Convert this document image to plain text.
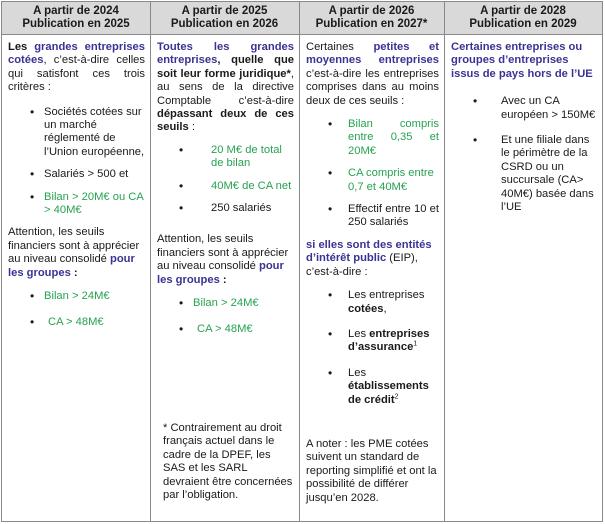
A partir de 2024
Publication en 2025
A partir de 2025
Publication en 2026
A partir de 2026
Publication en 2027*
A partir de 2028
Publication en 2029

Les grandes entreprises cotées, c’est-à-dire celles qui satisfont ces trois critères :

• Sociétés cotées sur un marché réglementé de l’Union européenne,
• Salariés > 500 et
• Bilan > 20M€ ou CA > 40M€

Attention, les seuils financiers sont à apprécier au niveau consolidé pour les groupes :

• Bilan > 24M€
• CA > 48M€

Toutes les grandes entreprises, quelle que soit leur forme juridique*, au sens de la directive Comptable c’est-à-dire dépassant deux de ces seuils :

• 20 M€ de total de bilan
• 40M€ de CA net
• 250 salariés

Attention, les seuils financiers sont à apprécier au niveau consolidé pour les groupes :

• Bilan > 24M€
• CA > 48M€

* Contrairement au droit français actuel dans le cadre de la DPEF, les SAS et les SARL devraient être concernées par l’obligation.

Certaines petites et moyennes entreprises c’est-à-dire les entreprises comprises dans au moins deux de ces seuils :

• Bilan compris entre 0,35 et 20M€
• CA compris entre 0,7 et 40M€
• Effectif entre 10 et 250 salariés

si elles sont des entités d’intérêt public (EIP), c’est-à-dire :

• Les entreprises cotées,
• Les entreprises d’assurance$^1$
• Les établissements de crédit$^2$

A noter : les PME cotées suivent un standard de reporting simplifié et ont la possibilité de différer jusqu’en 2028.

Certaines entreprises ou groupes d’entreprises issus de pays hors de l’UE

• Avec un CA européen > 150M€
• Et une filiale dans le périmètre de la CSRD ou un succursale (CA> 40M€) basée dans l’UE
